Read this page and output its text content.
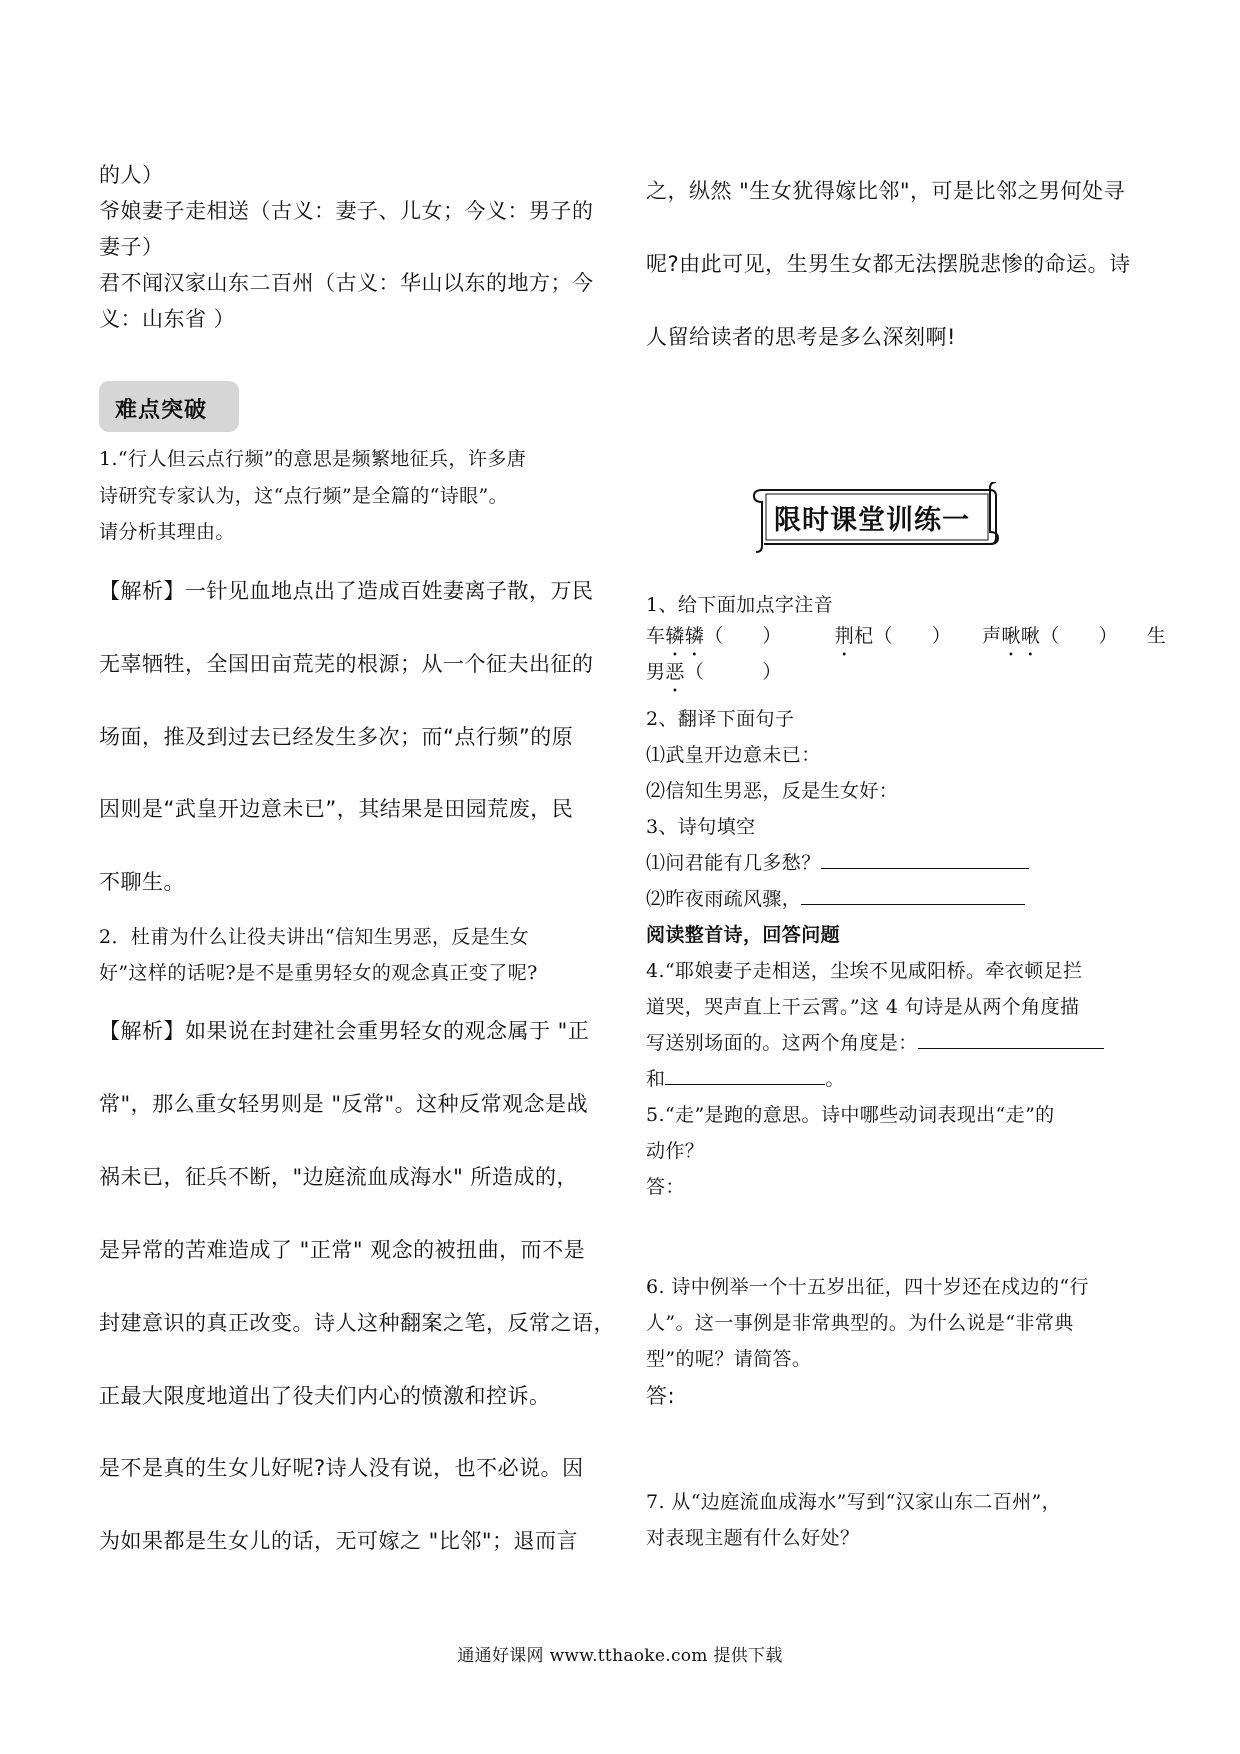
的人）

爷娘妻子走相送（古义：妻子、儿女；今义：男子的

妻子）

君不闻汉家山东二百州（古义：华山以东的地方；今

义：山东省 ）

难点突破

1.“行人但云点行频”的意思是频繁地征兵，许多唐

诗研究专家认为，这“点行频”是全篇的“诗眼”。

请分析其理由。

【解析】一针见血地点出了造成百姓妻离子散，万民

无辜牺牲，全国田亩荒芜的根源；从一个征夫出征的

场面，推及到过去已经发生多次；而“点行频”的原

因则是“武皇开边意未已”，其结果是田园荒废，民

不聊生。

2．杜甫为什么让役夫讲出“信知生男恶，反是生女

好”这样的话呢?是不是重男轻女的观念真正变了呢?

【解析】如果说在封建社会重男轻女的观念属于 "正

常"，那么重女轻男则是 "反常"。这种反常观念是战

祸未已，征兵不断，"边庭流血成海水" 所造成的，

是异常的苦难造成了 "正常" 观念的被扭曲，而不是

封建意识的真正改变。诗人这种翻案之笔，反常之语，

正最大限度地道出了役夫们内心的愤激和控诉。

是不是真的生女儿好呢?诗人没有说，也不必说。因

为如果都是生女儿的话，无可嫁之 "比邻"；退而言

之，纵然 "生女犹得嫁比邻"，可是比邻之男何处寻

呢?由此可见，生男生女都无法摆脱悲惨的命运。诗

人留给读者的思考是多么深刻啊!

限时课堂训练一

1、给下面加点字注音

车辚辚（　　）	荆杞（　　） 声啾啾（　　） 生

男恶（　　　）

2、翻译下面句子

⑴武皇开边意未已：

⑵信知生男恶，反是生女好：

3、诗句填空

⑴问君能有几多愁？

⑵昨夜雨疏风骤，

阅读整首诗，回答问题

4.“耶娘妻子走相送，尘埃不见咸阳桥。牵衣顿足拦

道哭，哭声直上干云霄。”这 4 句诗是从两个角度描

写送别场面的。这两个角度是：

和	。

5.“走”是跑的意思。诗中哪些动词表现出“走”的

动作？

答：

6. 诗中例举一个十五岁出征，四十岁还在戍边的“行

人”。这一事例是非常典型的。为什么说是“非常典

型”的呢？请简答。

答:

7. 从“边庭流血成海水”写到“汉家山东二百州”，

对表现主题有什么好处？

通通好课网 www.tthaoke.com 提供下载
